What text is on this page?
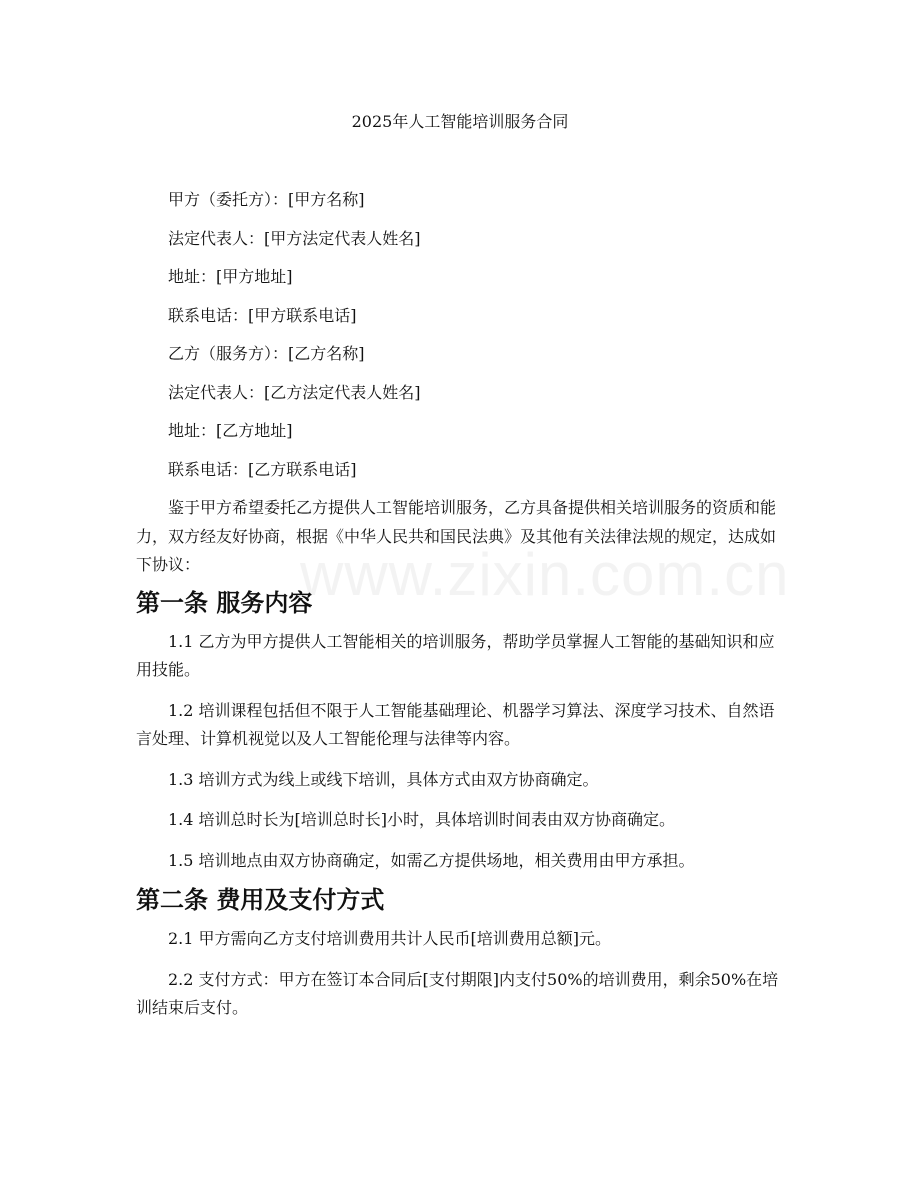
www.zixin.com.cn
2025年人工智能培训服务合同

甲方（委托方）：[甲方名称]

法定代表人：[甲方法定代表人姓名]

地址：[甲方地址]

联系电话：[甲方联系电话]

乙方（服务方）：[乙方名称]

法定代表人：[乙方法定代表人姓名]

地址：[乙方地址]

联系电话：[乙方联系电话]

鉴于甲方希望委托乙方提供人工智能培训服务，乙方具备提供相关培训服务的资质和能力，双方经友好协商，根据《中华人民共和国民法典》及其他有关法律法规的规定，达成如下协议：

第一条 服务内容

1.1 乙方为甲方提供人工智能相关的培训服务，帮助学员掌握人工智能的基础知识和应用技能。

1.2 培训课程包括但不限于人工智能基础理论、机器学习算法、深度学习技术、自然语言处理、计算机视觉以及人工智能伦理与法律等内容。

1.3 培训方式为线上或线下培训，具体方式由双方协商确定。

1.4 培训总时长为[培训总时长]小时，具体培训时间表由双方协商确定。

1.5 培训地点由双方协商确定，如需乙方提供场地，相关费用由甲方承担。

第二条 费用及支付方式

2.1 甲方需向乙方支付培训费用共计人民币[培训费用总额]元。

2.2 支付方式：甲方在签订本合同后[支付期限]内支付50%的培训费用，剩余50%在培训结束后支付。
